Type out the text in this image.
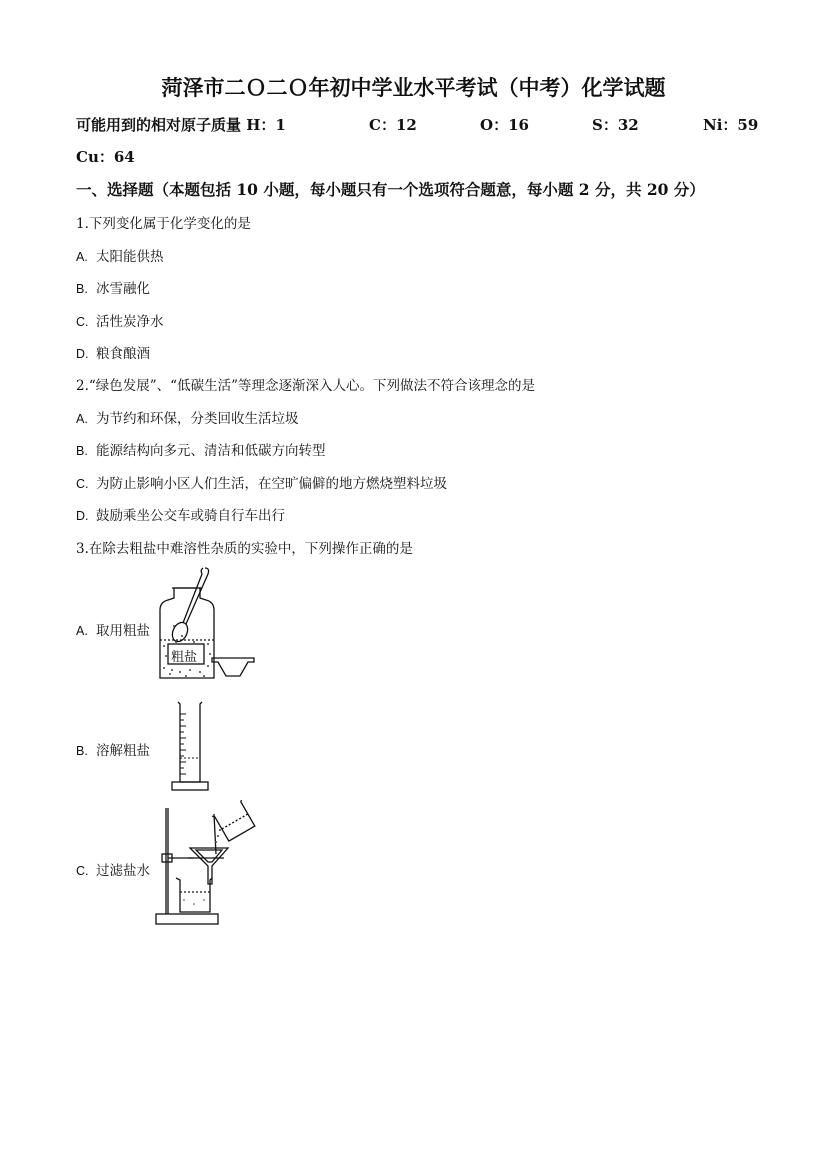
菏泽市二Ｏ二Ｏ年初中学业水平考试（中考）化学试题
可能用到的相对原子质量 H：1	C：12	O：16	S：32	Ni：59
Cu：64
一、选择题（本题包括 10 小题，每小题只有一个选项符合题意，每小题 2 分，共 20 分）
1.下列变化属于化学变化的是
A. 太阳能供热
B. 冰雪融化
C. 活性炭净水
D. 粮食酿酒
2.“绿色发展”、“低碳生活”等理念逐渐深入人心。下列做法不符合该理念的是
A. 为节约和环保，分类回收生活垃圾
B. 能源结构向多元、清洁和低碳方向转型
C. 为防止影响小区人们生活，在空旷偏僻的地方燃烧塑料垃圾
D. 鼓励乘坐公交车或骑自行车出行
3.在除去粗盐中难溶性杂质的实验中，下列操作正确的是
A. 取用粗盐
粗盐
B. 溶解粗盐
C. 过滤盐水
